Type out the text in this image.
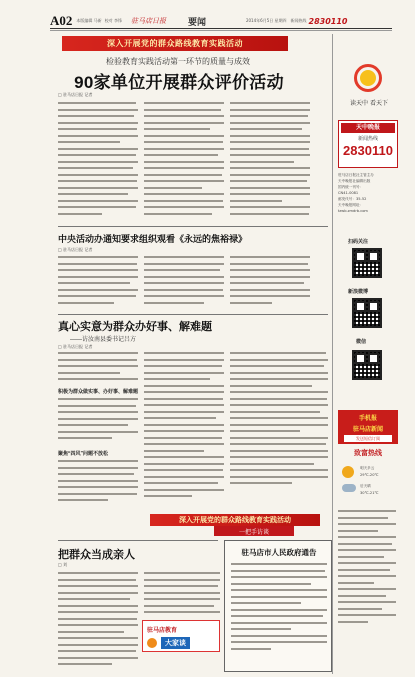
A02 本版编辑 马新 校对 李锋 驻马店日报 要闻	2014年6月5日 星期四 新闻热线 2830110
深入开展党的群众路线教育实践活动
检验教育实践活动第一环节的质量与成效
90家单位开展群众评价活动
□ 驻马店日报 记者
中央活动办通知要求组织观看《永远的焦裕禄》
□ 驻马店日报 记者
真心实意为群众办好事、解难题
——访汝南县委书记吕方
□ 驻马店日报 记者
积极为群众做实事、办好事、解难题
聚焦“四风”问题不放松
深入开展党的群众路线教育实践活动
一把手访谈
把群众当成亲人
□ 刘
驻马店教育
大家谈
驻马店市人民政府通告
读天中 看天下
天中晚报
新闻热线
2830110
驻马店日报社主管主办
天中晚报社编辑出版
国内统一刊号：
CN41-0081
邮发代号：35-52
天中晚报网址：
tzwb.zmdrb.com
扫码关注
新浪微博
微信
手机报
驻马店新闻
发送短信订阅
致富热线
明天多云
29℃-20℃
后天晴
30℃-21℃
